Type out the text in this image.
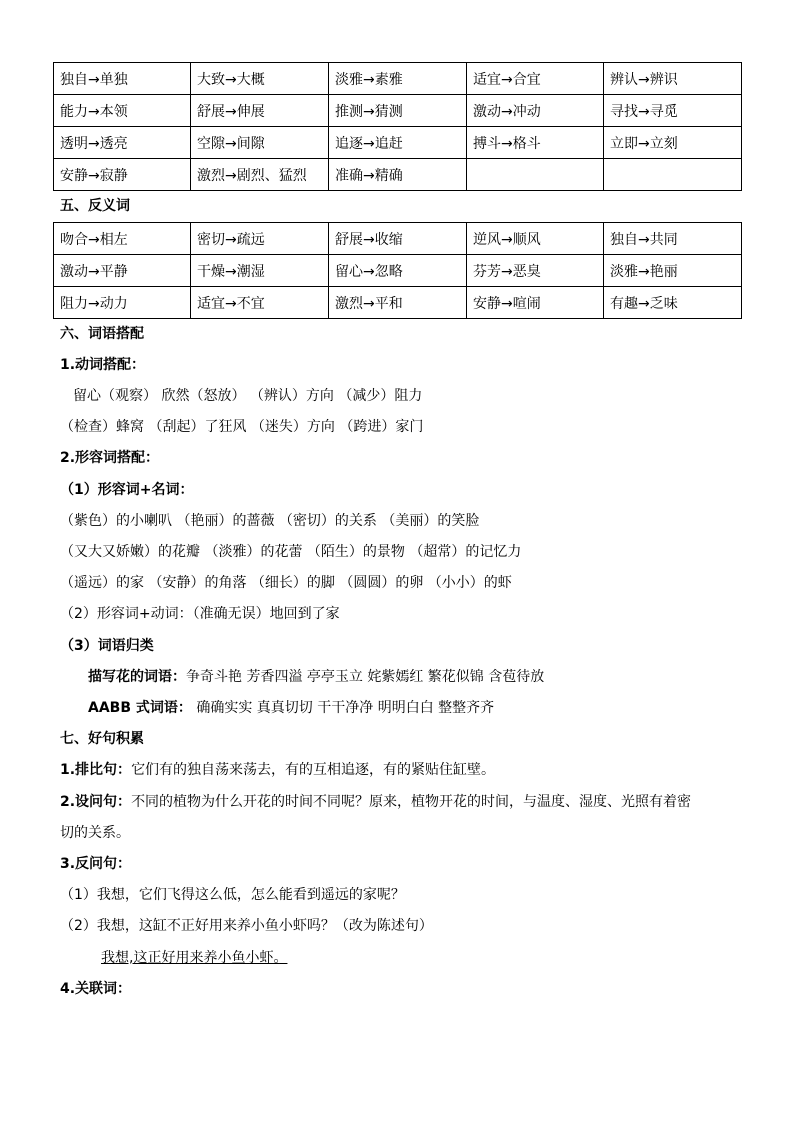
独自→单独	大致→大概	淡雅→素雅	适宜→合宜	辨认→辨识
能力→本领	舒展→伸展	推测→猜测	激动→冲动	寻找→寻觅
透明→透亮	空隙→间隙	追逐→追赶	搏斗→格斗	立即→立刻
安静→寂静	激烈→剧烈、猛烈	准确→精确		
五、反义词
吻合→相左	密切→疏远	舒展→收缩	逆风→顺风	独自→共同
激动→平静	干燥→潮湿	留心→忽略	芬芳→恶臭	淡雅→艳丽
阻力→动力	适宜→不宜	激烈→平和	安静→喧闹	有趣→乏味
六、词语搭配
1.动词搭配：
留心（观察） 欣然（怒放） （辨认）方向 （减少）阻力
（检查）蜂窝 （刮起）了狂风 （迷失）方向 （跨进）家门
2.形容词搭配：
（1）形容词+名词：
（紫色）的小喇叭 （艳丽）的蔷薇 （密切）的关系 （美丽）的笑脸
（又大又娇嫩）的花瓣 （淡雅）的花蕾 （陌生）的景物 （超常）的记忆力
（遥远）的家 （安静）的角落 （细长）的脚 （圆圆）的卵 （小小）的虾
（2）形容词+动词：（准确无误）地回到了家
（3）词语归类
描写花的词语：争奇斗艳 芳香四溢 亭亭玉立 姹紫嫣红 繁花似锦 含苞待放
AABB 式词语： 确确实实 真真切切 干干净净 明明白白 整整齐齐
七、好句积累
1.排比句：它们有的独自荡来荡去，有的互相追逐，有的紧贴住缸壁。
2.设问句：不同的植物为什么开花的时间不同呢？原来，植物开花的时间，与温度、湿度、光照有着密
切的关系。
3.反问句：
（1）我想，它们飞得这么低，怎么能看到遥远的家呢？
（2）我想，这缸不正好用来养小鱼小虾吗？（改为陈述句）
我想,这正好用来养小鱼小虾。
4.关联词：
